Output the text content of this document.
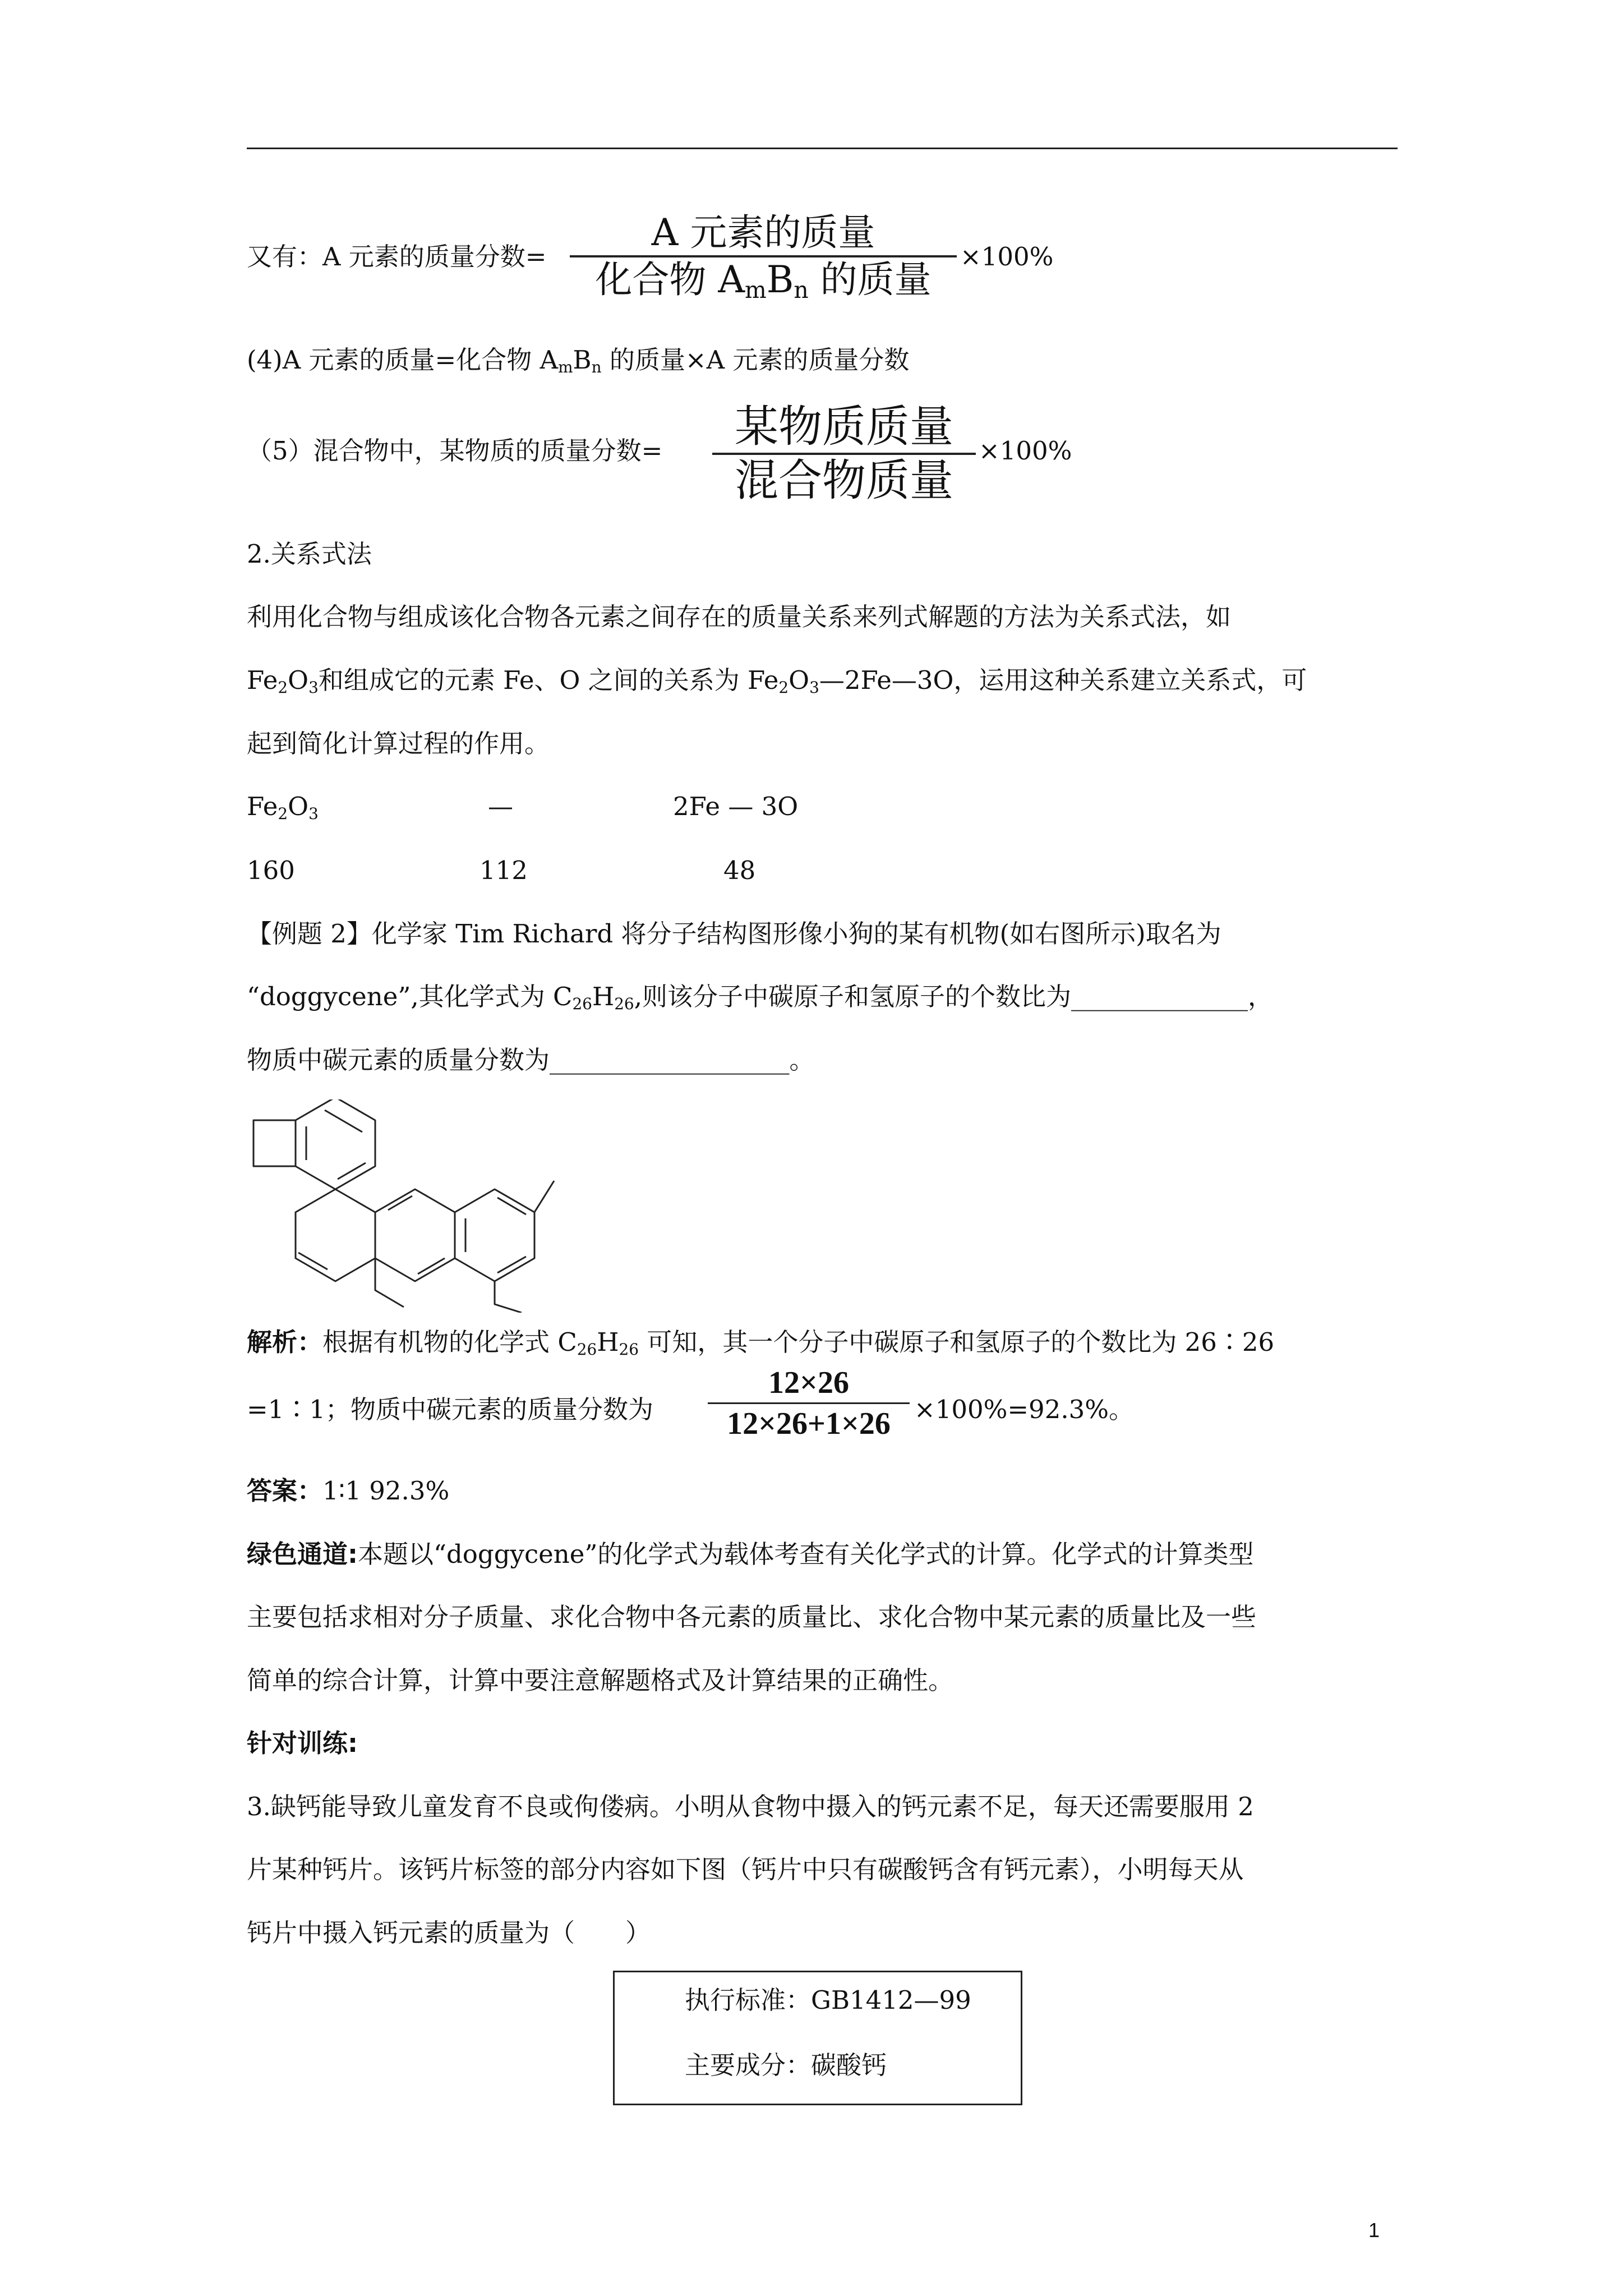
又有：A 元素的质量分数=
A 元素的质量
化合物 $A_mB_n$ 的质量
×100%
(4)A 元素的质量=化合物 $A_mB_n$ 的质量×A 元素的质量分数
（5）混合物中，某物质的质量分数=	某物质质量
混合物质量
×100%
2.关系式法
利用化合物与组成该化合物各元素之间存在的质量关系来列式解题的方法为关系式法，如
$Fe_2O_3$和组成它的元素 Fe、O 之间的关系为 $Fe_2O_3—2Fe—3O$，运用这种关系建立关系式，可
起到简化计算过程的作用。
$Fe_2O_3$	—	2Fe — 3O
160	112	48
【例题 2】化学家 Tim Richard 将分子结构图形像小狗的某有机物(如右图所示)取名为
“doggycene”,其化学式为 $C_{26}H_{26}$,则该分子中碳原子和氢原子的个数比为______________，
物质中碳元素的质量分数为___________________。
解析：根据有机物的化学式 $C_{26}H_{26}$ 可知，其一个分子中碳原子和氢原子的个数比为 26∶26
=1∶1；物质中碳元素的质量分数为
12×26
12×26+1×26 ×100%=92.3%。
答案：1∶1 92.3%
绿色通道:本题以“doggycene”的化学式为载体考查有关化学式的计算。化学式的计算类型
主要包括求相对分子质量、求化合物中各元素的质量比、求化合物中某元素的质量比及一些
简单的综合计算，计算中要注意解题格式及计算结果的正确性。
针对训练:
3.缺钙能导致儿童发育不良或佝偻病。小明从食物中摄入的钙元素不足，每天还需要服用 2
片某种钙片。该钙片标签的部分内容如下图（钙片中只有碳酸钙含有钙元素），小明每天从
钙片中摄入钙元素的质量为（　　）
执行标准：GB1412—99
主要成分：碳酸钙
1
